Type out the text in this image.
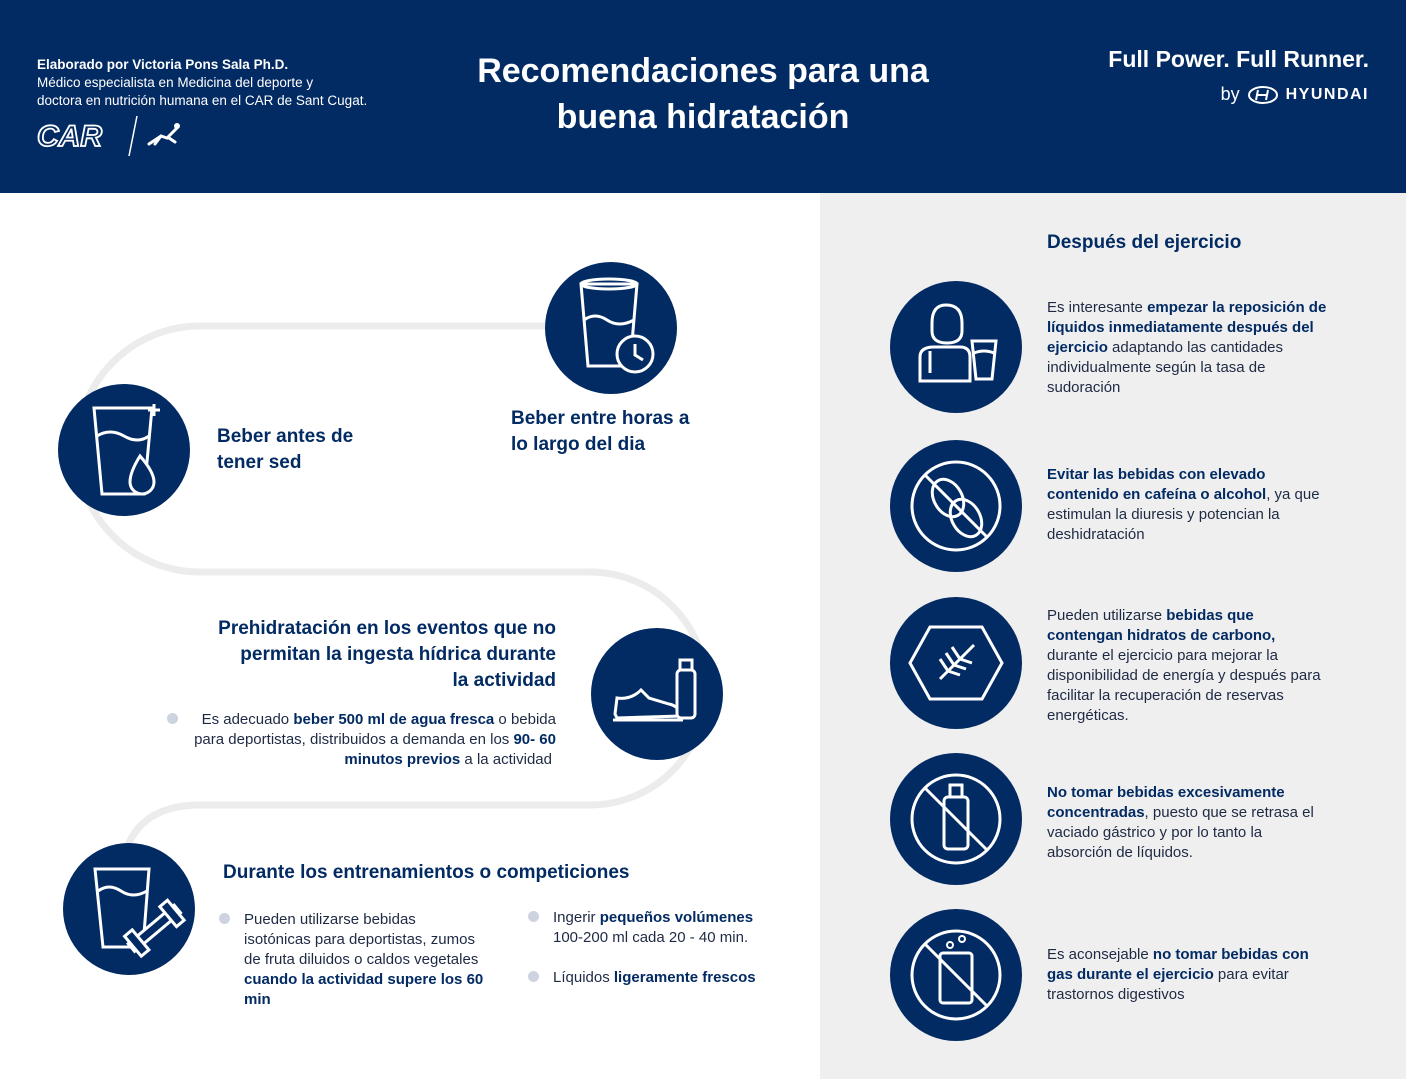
Elaborado por Victoria Pons Sala Ph.D.
Médico especialista en Medicina del deporte y
doctora en nutrición humana en el CAR de Sant Cugat.
CAR
Recomendaciones para una
buena hidratación
Full Power. Full Runner.
by	HYUNDAI
Beber antes de
tener sed
Beber entre horas a
lo largo del dia
Prehidratación en los eventos que no
permitan la ingesta hídrica durante
la actividad
Es adecuado beber 500 ml de agua fresca o bebida
para deportistas, distribuidos a demanda en los 90- 60
minutos previos a la actividad
Durante los entrenamientos o competiciones
Pueden utilizarse bebidas
isotónicas para deportistas, zumos
de fruta diluidos o caldos vegetales
cuando la actividad supere los 60
min
Ingerir pequeños volúmenes
100-200 ml cada 20 - 40 min.
Líquidos ligeramente frescos
Después del ejercicio
Es interesante empezar la reposición de
líquidos inmediatamente después del
ejercicio adaptando las cantidades
individualmente según la tasa de
sudoración
Evitar las bebidas con elevado
contenido en cafeína o alcohol, ya que
estimulan la diuresis y potencian la
deshidratación
Pueden utilizarse bebidas que
contengan hidratos de carbono,
durante el ejercicio para mejorar la
disponibilidad de energía y después para
facilitar la recuperación de reservas
energéticas.
No tomar bebidas excesivamente
concentradas, puesto que se retrasa el
vaciado gástrico y por lo tanto la
absorción de líquidos.
Es aconsejable no tomar bebidas con
gas durante el ejercicio para evitar
trastornos digestivos
